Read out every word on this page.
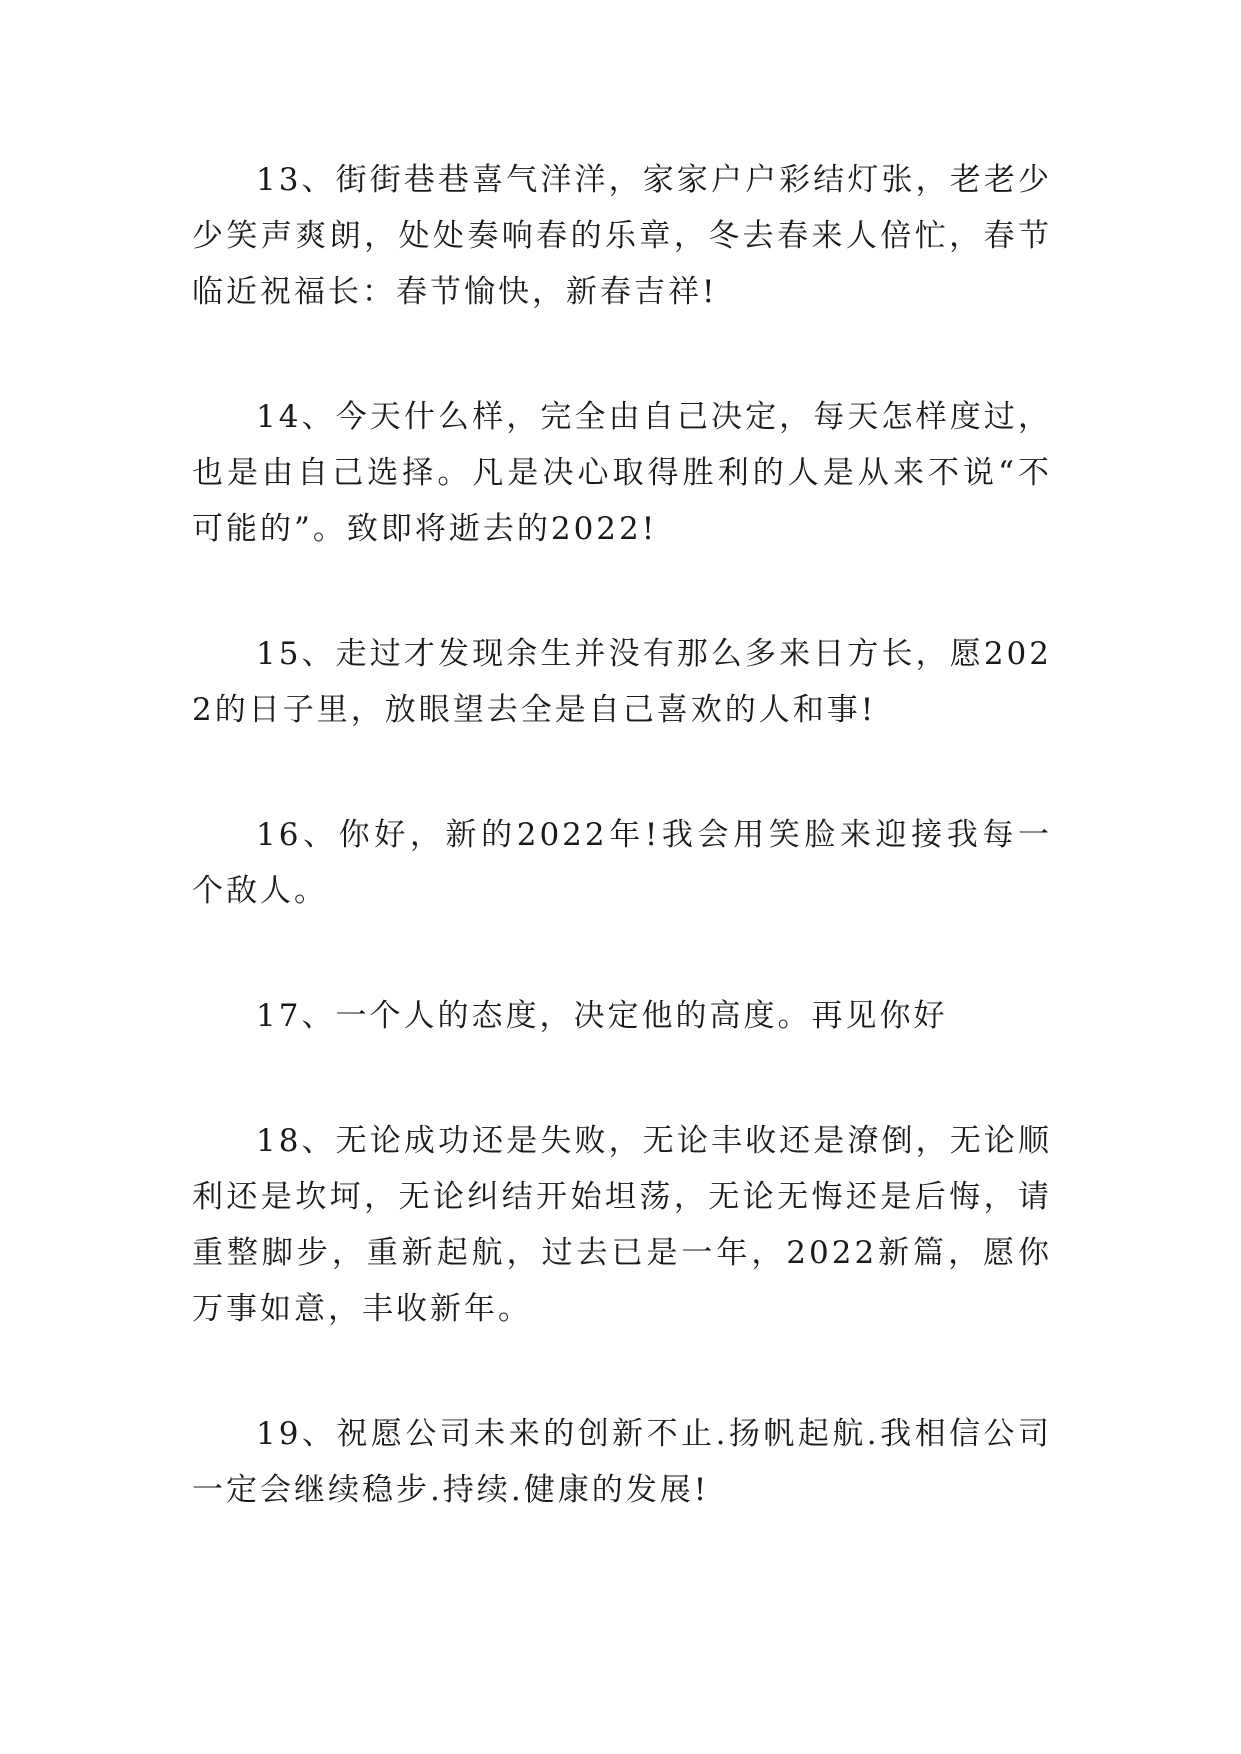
13、街街巷巷喜气洋洋，家家户户彩结灯张，老老少少笑声爽朗，处处奏响春的乐章，冬去春来人倍忙，春节临近祝福长：春节愉快，新春吉祥!

14、今天什么样，完全由自己决定，每天怎样度过，也是由自己选择。凡是决心取得胜利的人是从来不说“不可能的”。致即将逝去的2022!

15、走过才发现余生并没有那么多来日方长，愿2022的日子里，放眼望去全是自己喜欢的人和事!

16、你好，新的2022年!我会用笑脸来迎接我每一个敌人。

17、一个人的态度，决定他的高度。再见你好

18、无论成功还是失败，无论丰收还是潦倒，无论顺利还是坎坷，无论纠结开始坦荡，无论无悔还是后悔，请重整脚步，重新起航，过去已是一年，2022新篇，愿你万事如意，丰收新年。

19、祝愿公司未来的创新不止.扬帆起航.我相信公司一定会继续稳步.持续.健康的发展!
